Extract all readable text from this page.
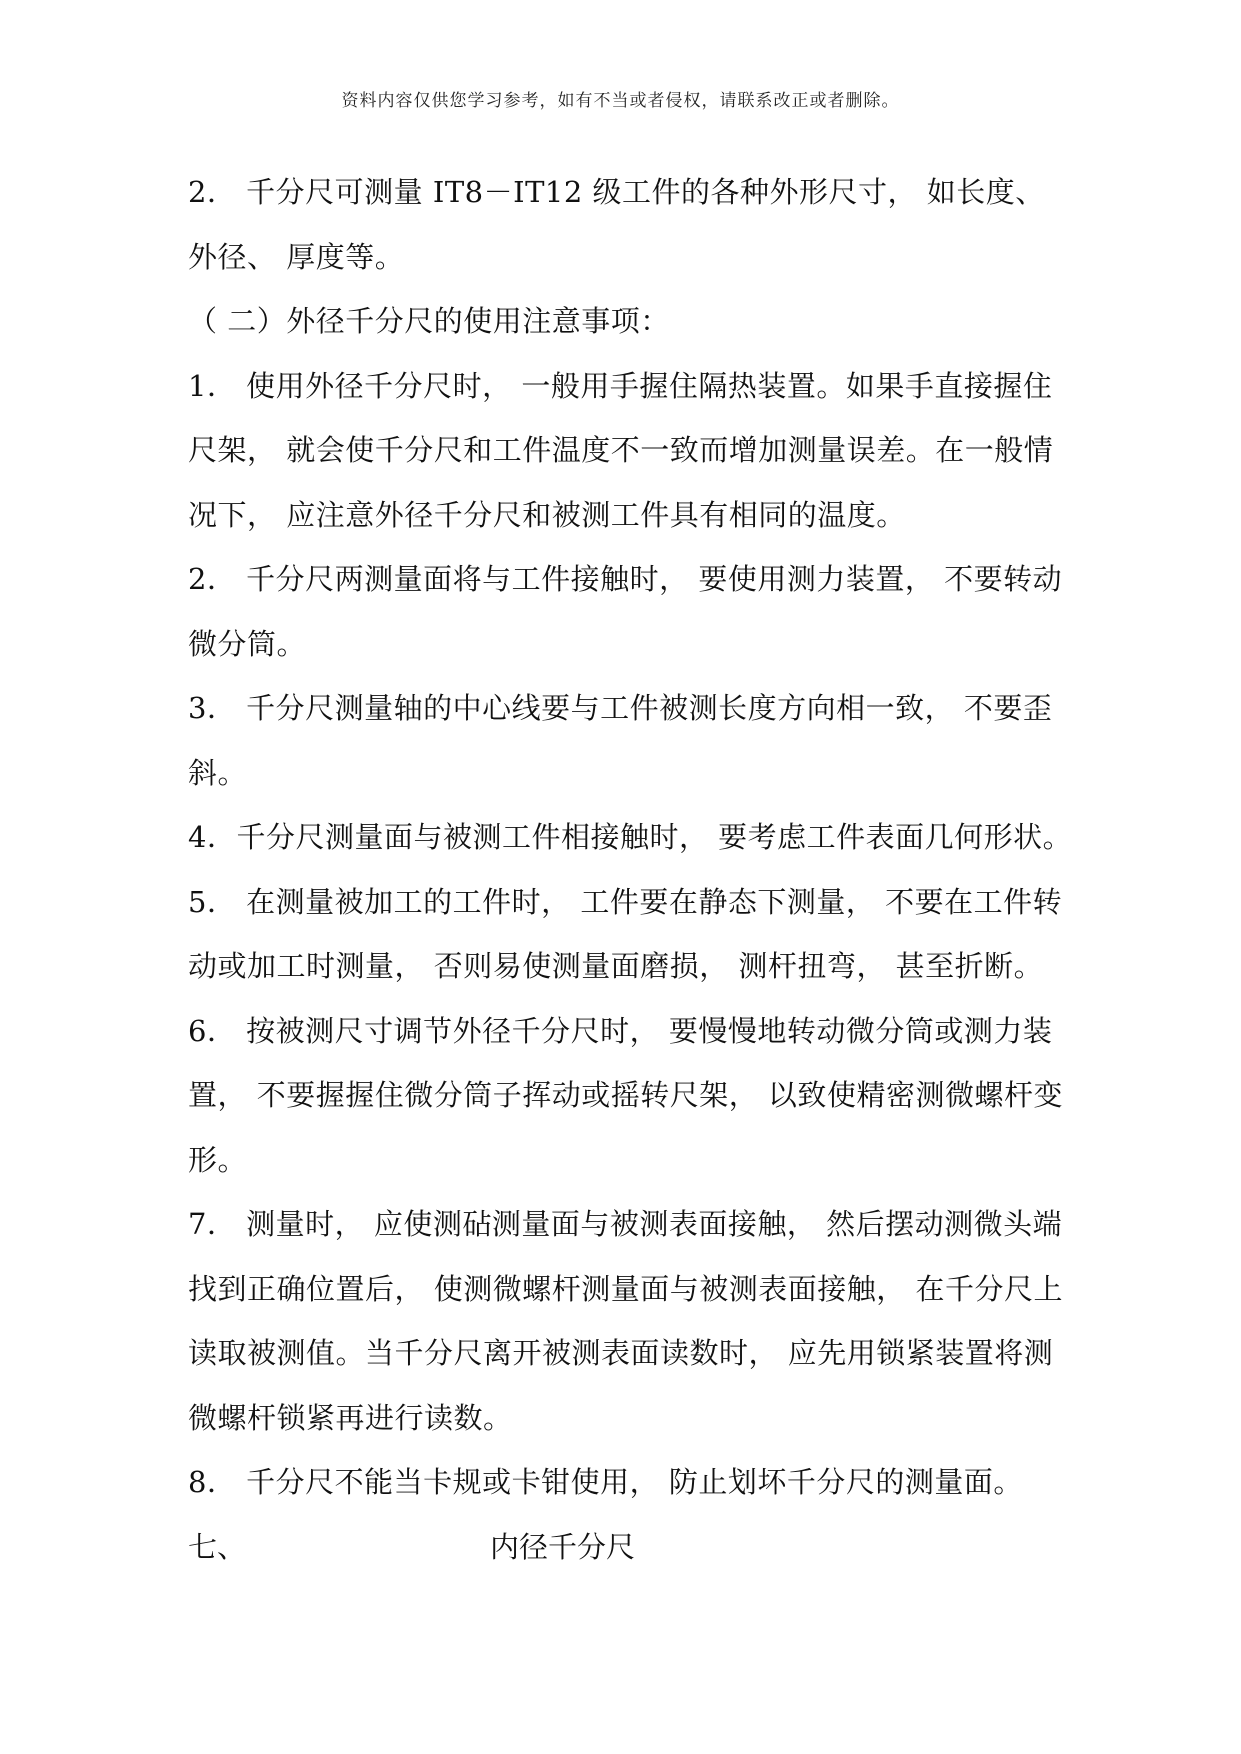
资料内容仅供您学习参考，如有不当或者侵权，请联系改正或者删除。
2． 千分尺可测量 IT8－IT12 级工件的各种外形尺寸， 如长度、
外径、 厚度等。
（ 二）外径千分尺的使用注意事项：
1． 使用外径千分尺时， 一般用手握住隔热装置。如果手直接握住
尺架， 就会使千分尺和工件温度不一致而增加测量误差。在一般情
况下， 应注意外径千分尺和被测工件具有相同的温度。
2． 千分尺两测量面将与工件接触时， 要使用测力装置， 不要转动
微分筒。
3． 千分尺测量轴的中心线要与工件被测长度方向相一致， 不要歪
斜。
4．千分尺测量面与被测工件相接触时， 要考虑工件表面几何形状。
5． 在测量被加工的工件时， 工件要在静态下测量， 不要在工件转
动或加工时测量， 否则易使测量面磨损， 测杆扭弯， 甚至折断。
6． 按被测尺寸调节外径千分尺时， 要慢慢地转动微分筒或测力装
置， 不要握握住微分筒子挥动或摇转尺架， 以致使精密测微螺杆变
形。
7． 测量时， 应使测砧测量面与被测表面接触， 然后摆动测微头端
找到正确位置后， 使测微螺杆测量面与被测表面接触， 在千分尺上
读取被测值。当千分尺离开被测表面读数时， 应先用锁紧装置将测
微螺杆锁紧再进行读数。
8． 千分尺不能当卡规或卡钳使用， 防止划坏千分尺的测量面。
七、	内径千分尺
